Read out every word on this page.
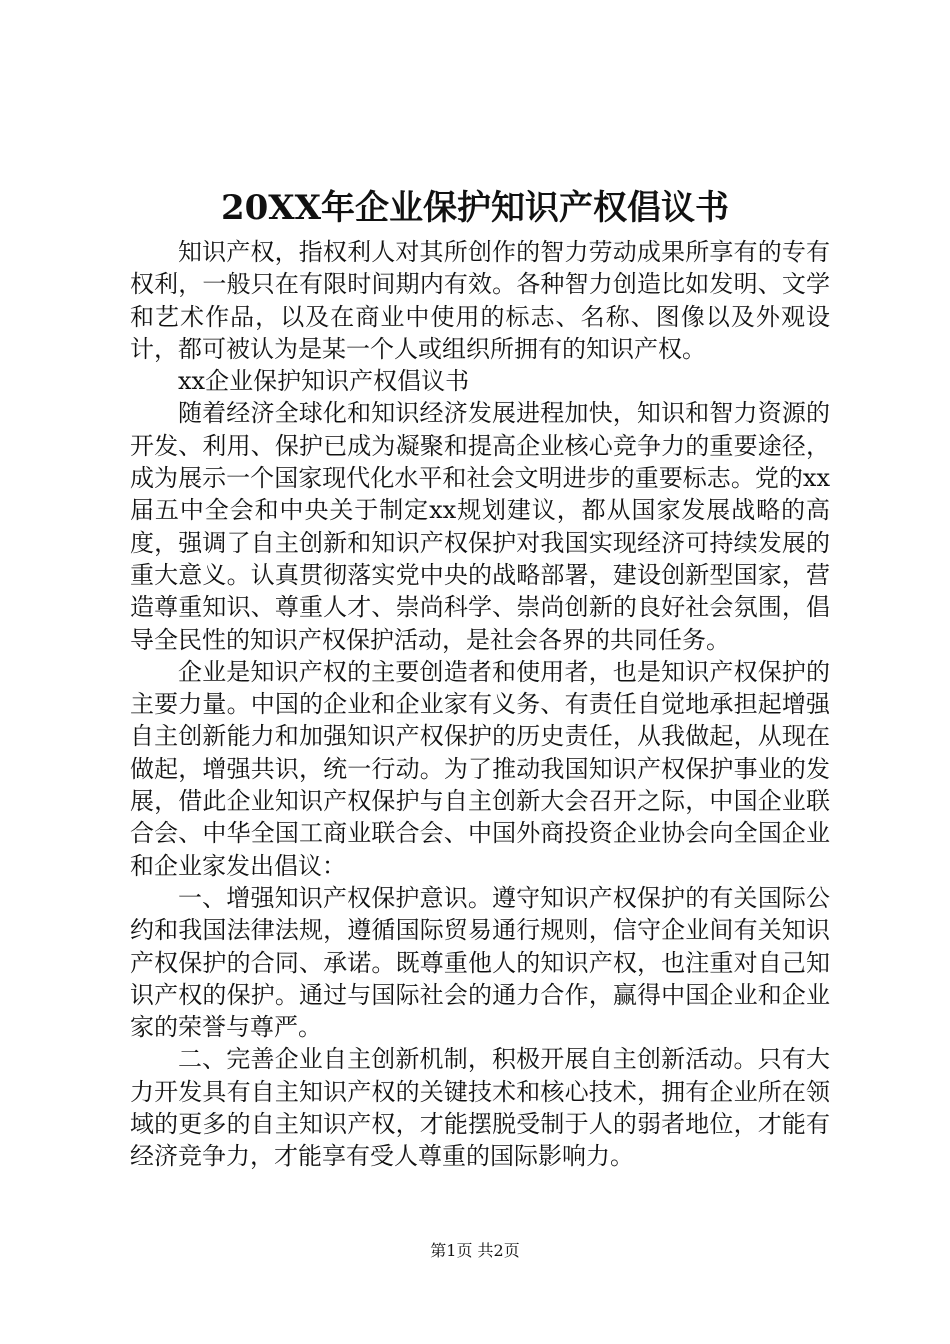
20XX年企业保护知识产权倡议书

知识产权，指权利人对其所创作的智力劳动成果所享有的专有权利，一般只在有限时间期内有效。各种智力创造比如发明、文学和艺术作品，以及在商业中使用的标志、名称、图像以及外观设计，都可被认为是某一个人或组织所拥有的知识产权。

xx企业保护知识产权倡议书

随着经济全球化和知识经济发展进程加快，知识和智力资源的开发、利用、保护已成为凝聚和提高企业核心竞争力的重要途径，成为展示一个国家现代化水平和社会文明进步的重要标志。党的xx届五中全会和中央关于制定xx规划建议，都从国家发展战略的高度，强调了自主创新和知识产权保护对我国实现经济可持续发展的重大意义。认真贯彻落实党中央的战略部署，建设创新型国家，营造尊重知识、尊重人才、崇尚科学、崇尚创新的良好社会氛围，倡导全民性的知识产权保护活动，是社会各界的共同任务。

企业是知识产权的主要创造者和使用者，也是知识产权保护的主要力量。中国的企业和企业家有义务、有责任自觉地承担起增强自主创新能力和加强知识产权保护的历史责任，从我做起，从现在做起，增强共识，统一行动。为了推动我国知识产权保护事业的发展，借此企业知识产权保护与自主创新大会召开之际，中国企业联合会、中华全国工商业联合会、中国外商投资企业协会向全国企业和企业家发出倡议：

一、增强知识产权保护意识。遵守知识产权保护的有关国际公约和我国法律法规，遵循国际贸易通行规则，信守企业间有关知识产权保护的合同、承诺。既尊重他人的知识产权，也注重对自己知识产权的保护。通过与国际社会的通力合作，赢得中国企业和企业家的荣誉与尊严。

二、完善企业自主创新机制，积极开展自主创新活动。只有大力开发具有自主知识产权的关键技术和核心技术，拥有企业所在领域的更多的自主知识产权，才能摆脱受制于人的弱者地位，才能有经济竞争力，才能享有受人尊重的国际影响力。

第1页 共2页
